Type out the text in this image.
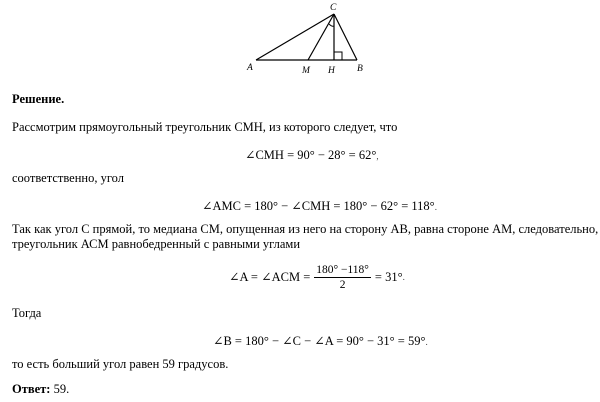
A	M H B
C
Решение.
Рассмотрим прямоугольный треугольник СМН, из которого следует, что
∠CMH = 90° − 28° = 62°,
соответственно, угол
∠AMC = 180° − ∠CMH = 180° − 62° = 118°.
Так как угол С прямой, то медиана СМ, опущенная из него на сторону АВ, равна стороне АМ, следовательно,
треугольник АСМ равнобедренный с равными углами
∠A = ∠ACM = $\frac{180^\circ -118^\circ}{2} = 31^\circ$ .
Тогда
∠B = 180° − ∠C − ∠A = 90° − 31° = 59°.
то есть больший угол равен 59 градусов.
Ответ: 59.
